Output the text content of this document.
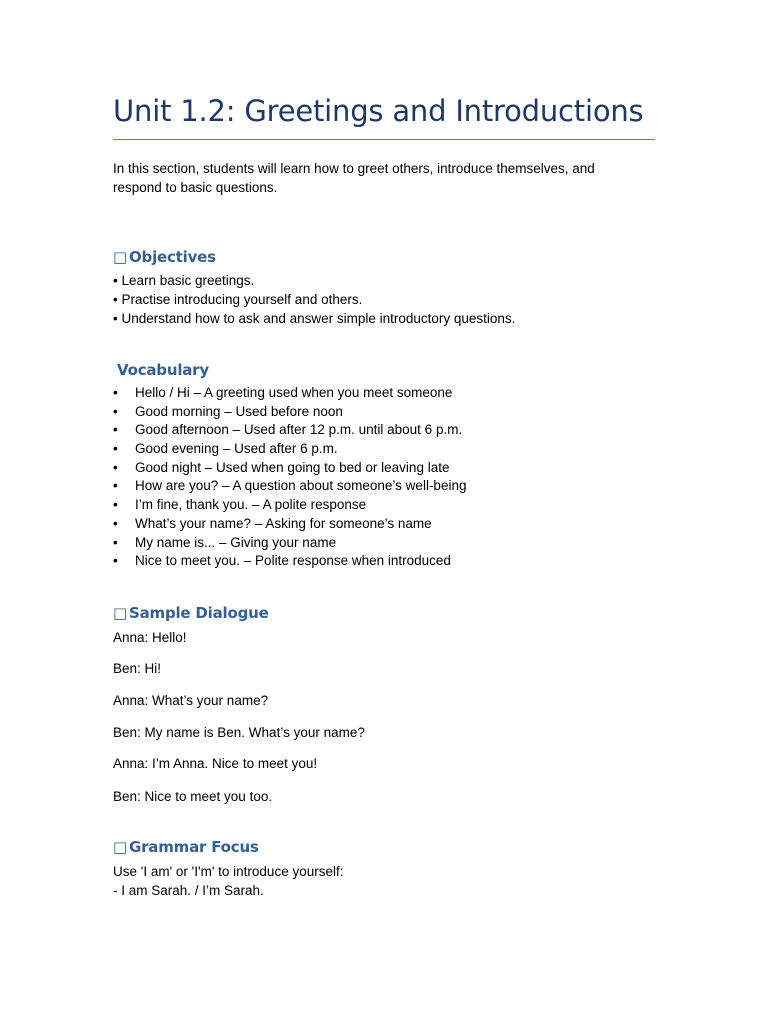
Unit 1.2: Greetings and Introductions
In this section, students will learn how to greet others, introduce themselves, and respond to basic questions.
□ Objectives
• Learn basic greetings.
• Practise introducing yourself and others.
• Understand how to ask and answer simple introductory questions.
Vocabulary
• Hello / Hi – A greeting used when you meet someone
• Good morning – Used before noon
• Good afternoon – Used after 12 p.m. until about 6 p.m.
• Good evening – Used after 6 p.m.
• Good night – Used when going to bed or leaving late
• How are you? – A question about someone’s well-being
• I’m fine, thank you. – A polite response
• What’s your name? – Asking for someone’s name
• My name is... – Giving your name
• Nice to meet you. – Polite response when introduced
□ Sample Dialogue
Anna: Hello!
Ben: Hi!
Anna: What’s your name?
Ben: My name is Ben. What’s your name?
Anna: I’m Anna. Nice to meet you!
Ben: Nice to meet you too.
□ Grammar Focus
Use 'I am' or 'I'm' to introduce yourself:
- I am Sarah. / I’m Sarah.
